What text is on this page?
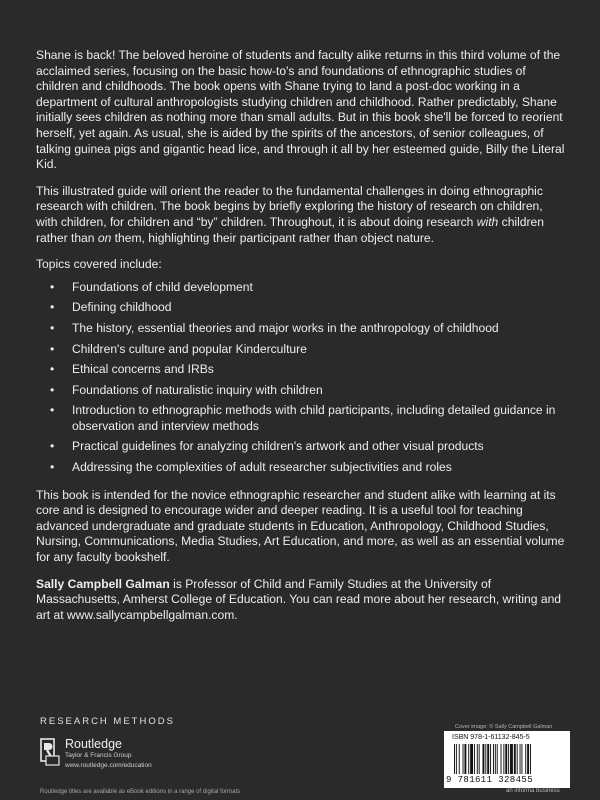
Shane is back! The beloved heroine of students and faculty alike returns in this third volume of the acclaimed series, focusing on the basic how-to's and foundations of ethnographic studies of children and childhoods. The book opens with Shane trying to land a post-doc working in a department of cultural anthropologists studying children and childhood. Rather predictably, Shane initially sees children as nothing more than small adults. But in this book she'll be forced to reorient herself, yet again. As usual, she is aided by the spirits of the ancestors, of senior colleagues, of talking guinea pigs and gigantic head lice, and through it all by her esteemed guide, Billy the Literal Kid.

This illustrated guide will orient the reader to the fundamental challenges in doing ethnographic research with children. The book begins by briefly exploring the history of research on children, with children, for children and “by” children. Throughout, it is about doing research with children rather than on them, highlighting their participant rather than object nature.

Topics covered include:

• Foundations of child development
• Defining childhood
• The history, essential theories and major works in the anthropology of childhood
• Children's culture and popular Kinderculture
• Ethical concerns and IRBs
• Foundations of naturalistic inquiry with children
• Introduction to ethnographic methods with child participants, including detailed guidance in observation and interview methods
• Practical guidelines for analyzing children's artwork and other visual products
• Addressing the complexities of adult researcher subjectivities and roles

This book is intended for the novice ethnographic researcher and student alike with learning at its core and is designed to encourage wider and deeper reading. It is a useful tool for teaching advanced undergraduate and graduate students in Education, Anthropology, Childhood Studies, Nursing, Communications, Media Studies, Art Education, and more, as well as an essential volume for any faculty bookshelf.

Sally Campbell Galman is Professor of Child and Family Studies at the University of Massachusetts, Amherst College of Education. You can read more about her research, writing and art at www.sallycampbellgalman.com.

RESEARCH METHODS
Routledge
Taylor & Francis Group
www.routledge.com/education
Routledge titles are available as eBook editions in a range of digital formats
Cover image: © Sally Campbell Galman
ISBN 978-1-61132-845-5
9 781611 328455
an informa business
